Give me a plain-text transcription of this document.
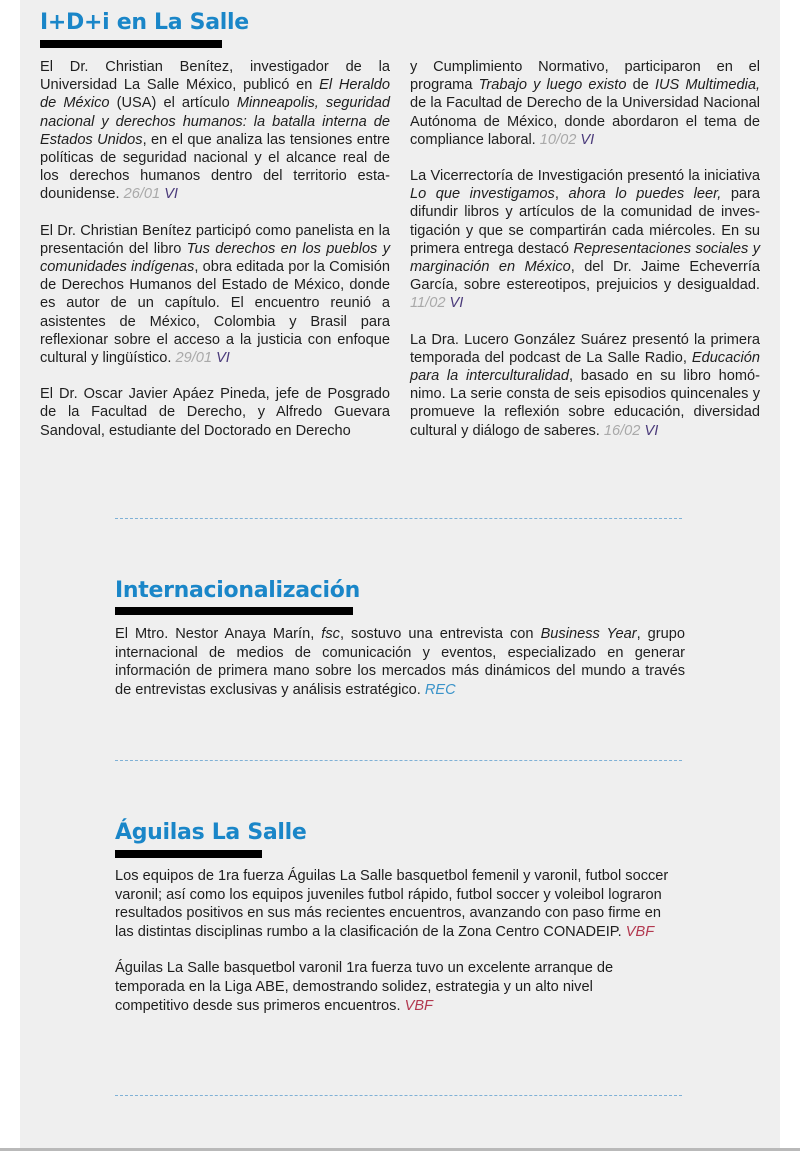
I+D+i en La Salle

El Dr. Christian Benítez, investigador de la Universidad La Salle México, publicó en El Heraldo de México (USA) el artículo Minneapolis, seguridad nacional y derechos humanos: la batalla interna de Estados Unidos, en el que analiza las tensiones entre políticas de seguridad nacional y el alcance real de los derechos humanos dentro del territorio estadounidense. 26/01 VI

El Dr. Christian Benítez participó como panelista en la presentación del libro Tus derechos en los pueblos y comunidades indígenas, obra editada por la Comisión de Derechos Humanos del Estado de México, donde es autor de un capítulo. El encuentro reunió a asistentes de México, Colombia y Brasil para reflexionar sobre el acceso a la justicia con enfoque cultural y lingüístico. 29/01 VI

El Dr. Oscar Javier Apáez Pineda, jefe de Posgrado de la Facultad de Derecho, y Alfredo Guevara Sandoval, estudiante del Doctorado en Derecho

y Cumplimiento Normativo, participaron en el programa Trabajo y luego existo de IUS Multimedia, de la Facultad de Derecho de la Universidad Nacional Autónoma de México, donde abordaron el tema de compliance laboral. 10/02 VI

La Vicerrectoría de Investigación presentó la iniciativa Lo que investigamos, ahora lo puedes leer, para difundir libros y artículos de la comunidad de investigación y que se compartirán cada miércoles. En su primera entrega destacó Representaciones sociales y marginación en México, del Dr. Jaime Echeverría García, sobre estereotipos, prejuicios y desigualdad. 11/02 VI

La Dra. Lucero González Suárez presentó la primera temporada del podcast de La Salle Radio, Educación para la interculturalidad, basado en su libro homónimo. La serie consta de seis episodios quincenales y promueve la reflexión sobre educación, diversidad cultural y diálogo de saberes. 16/02 VI

Internacionalización

El Mtro. Nestor Anaya Marín, fsc, sostuvo una entrevista con Business Year, grupo internacional de medios de comunicación y eventos, especializado en generar información de primera mano sobre los mercados más dinámicos del mundo a través de entrevistas exclusivas y análisis estratégico. REC

Águilas La Salle

Los equipos de 1ra fuerza Águilas La Salle basquetbol femenil y varonil, futbol soccer varonil; así como los equipos juveniles futbol rápido, futbol soccer y voleibol lograron resultados positivos en sus más recientes encuentros, avanzando con paso firme en las distintas disciplinas rumbo a la clasificación de la Zona Centro CONADEIP. VBF

Águilas La Salle basquetbol varonil 1ra fuerza tuvo un excelente arranque de temporada en la Liga ABE, demostrando solidez, estrategia y un alto nivel competitivo desde sus primeros encuentros. VBF
